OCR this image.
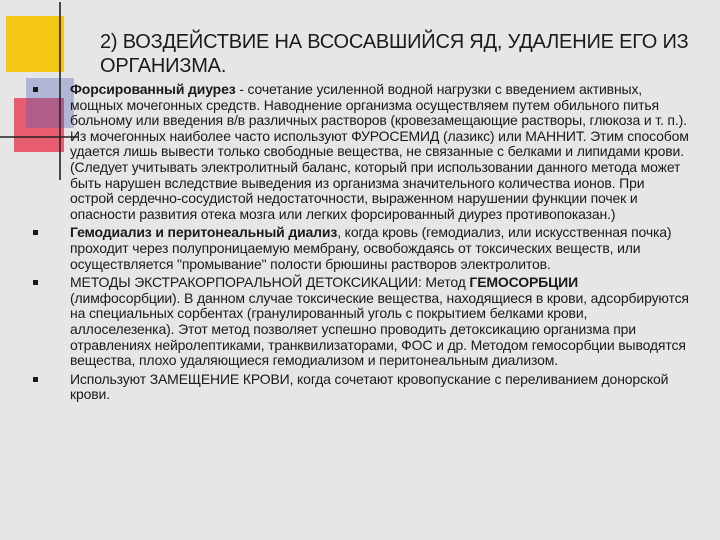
2) ВОЗДЕЙСТВИЕ НА ВСОСАВШИЙСЯ ЯД, УДАЛЕНИЕ ЕГО ИЗ ОРГАНИЗМА.
Форсированный диурез - сочетание усиленной водной нагрузки с введением активных, мощных мочегонных средств. Наводнение организма осуществляем путем обильного питья больному или введения в/в различных растворов (кровезамещающие растворы, глюкоза и т. п.). Из мочегонных наиболее часто используют ФУРОСЕМИД (лазикс) или МАННИТ. Этим способом удается лишь вывести только свободные вещества, не связанные с белками и липидами крови. (Следует учитывать электролитный баланс, который при использовании данного метода может быть нарушен вследствие выведения из организма значительного количества ионов. При острой сердечно-сосудистой недостаточности, выраженном нарушении функции почек и опасности развития отека мозга или легких форсированный диурез противопоказан.)
Гемодиализ и перитонеальный диализ, когда кровь (гемодиализ, или искусственная почка) проходит через полупроницаемую мембрану, освобождаясь от токсических веществ, или осуществляется "промывание" полости брюшины растворов электролитов.
МЕТОДЫ ЭКСТРАКОРПОРАЛЬНОЙ ДЕТОКСИКАЦИИ: Метод ГЕМОСОРБЦИИ (лимфосорбции). В данном случае токсические вещества, находящиеся в крови, адсорбируются на специальных сорбентах (гранулированный уголь с покрытием белками крови, аллоселезенка). Этот метод позволяет успешно проводить детоксикацию организма при отравлениях нейролептиками, транквилизаторами, ФОС и др. Методом гемосорбции выводятся вещества, плохо удаляющиеся гемодиализом и перитонеальным диализом.
Используют ЗАМЕЩЕНИЕ КРОВИ, когда сочетают кровопускание с переливанием донорской крови.
